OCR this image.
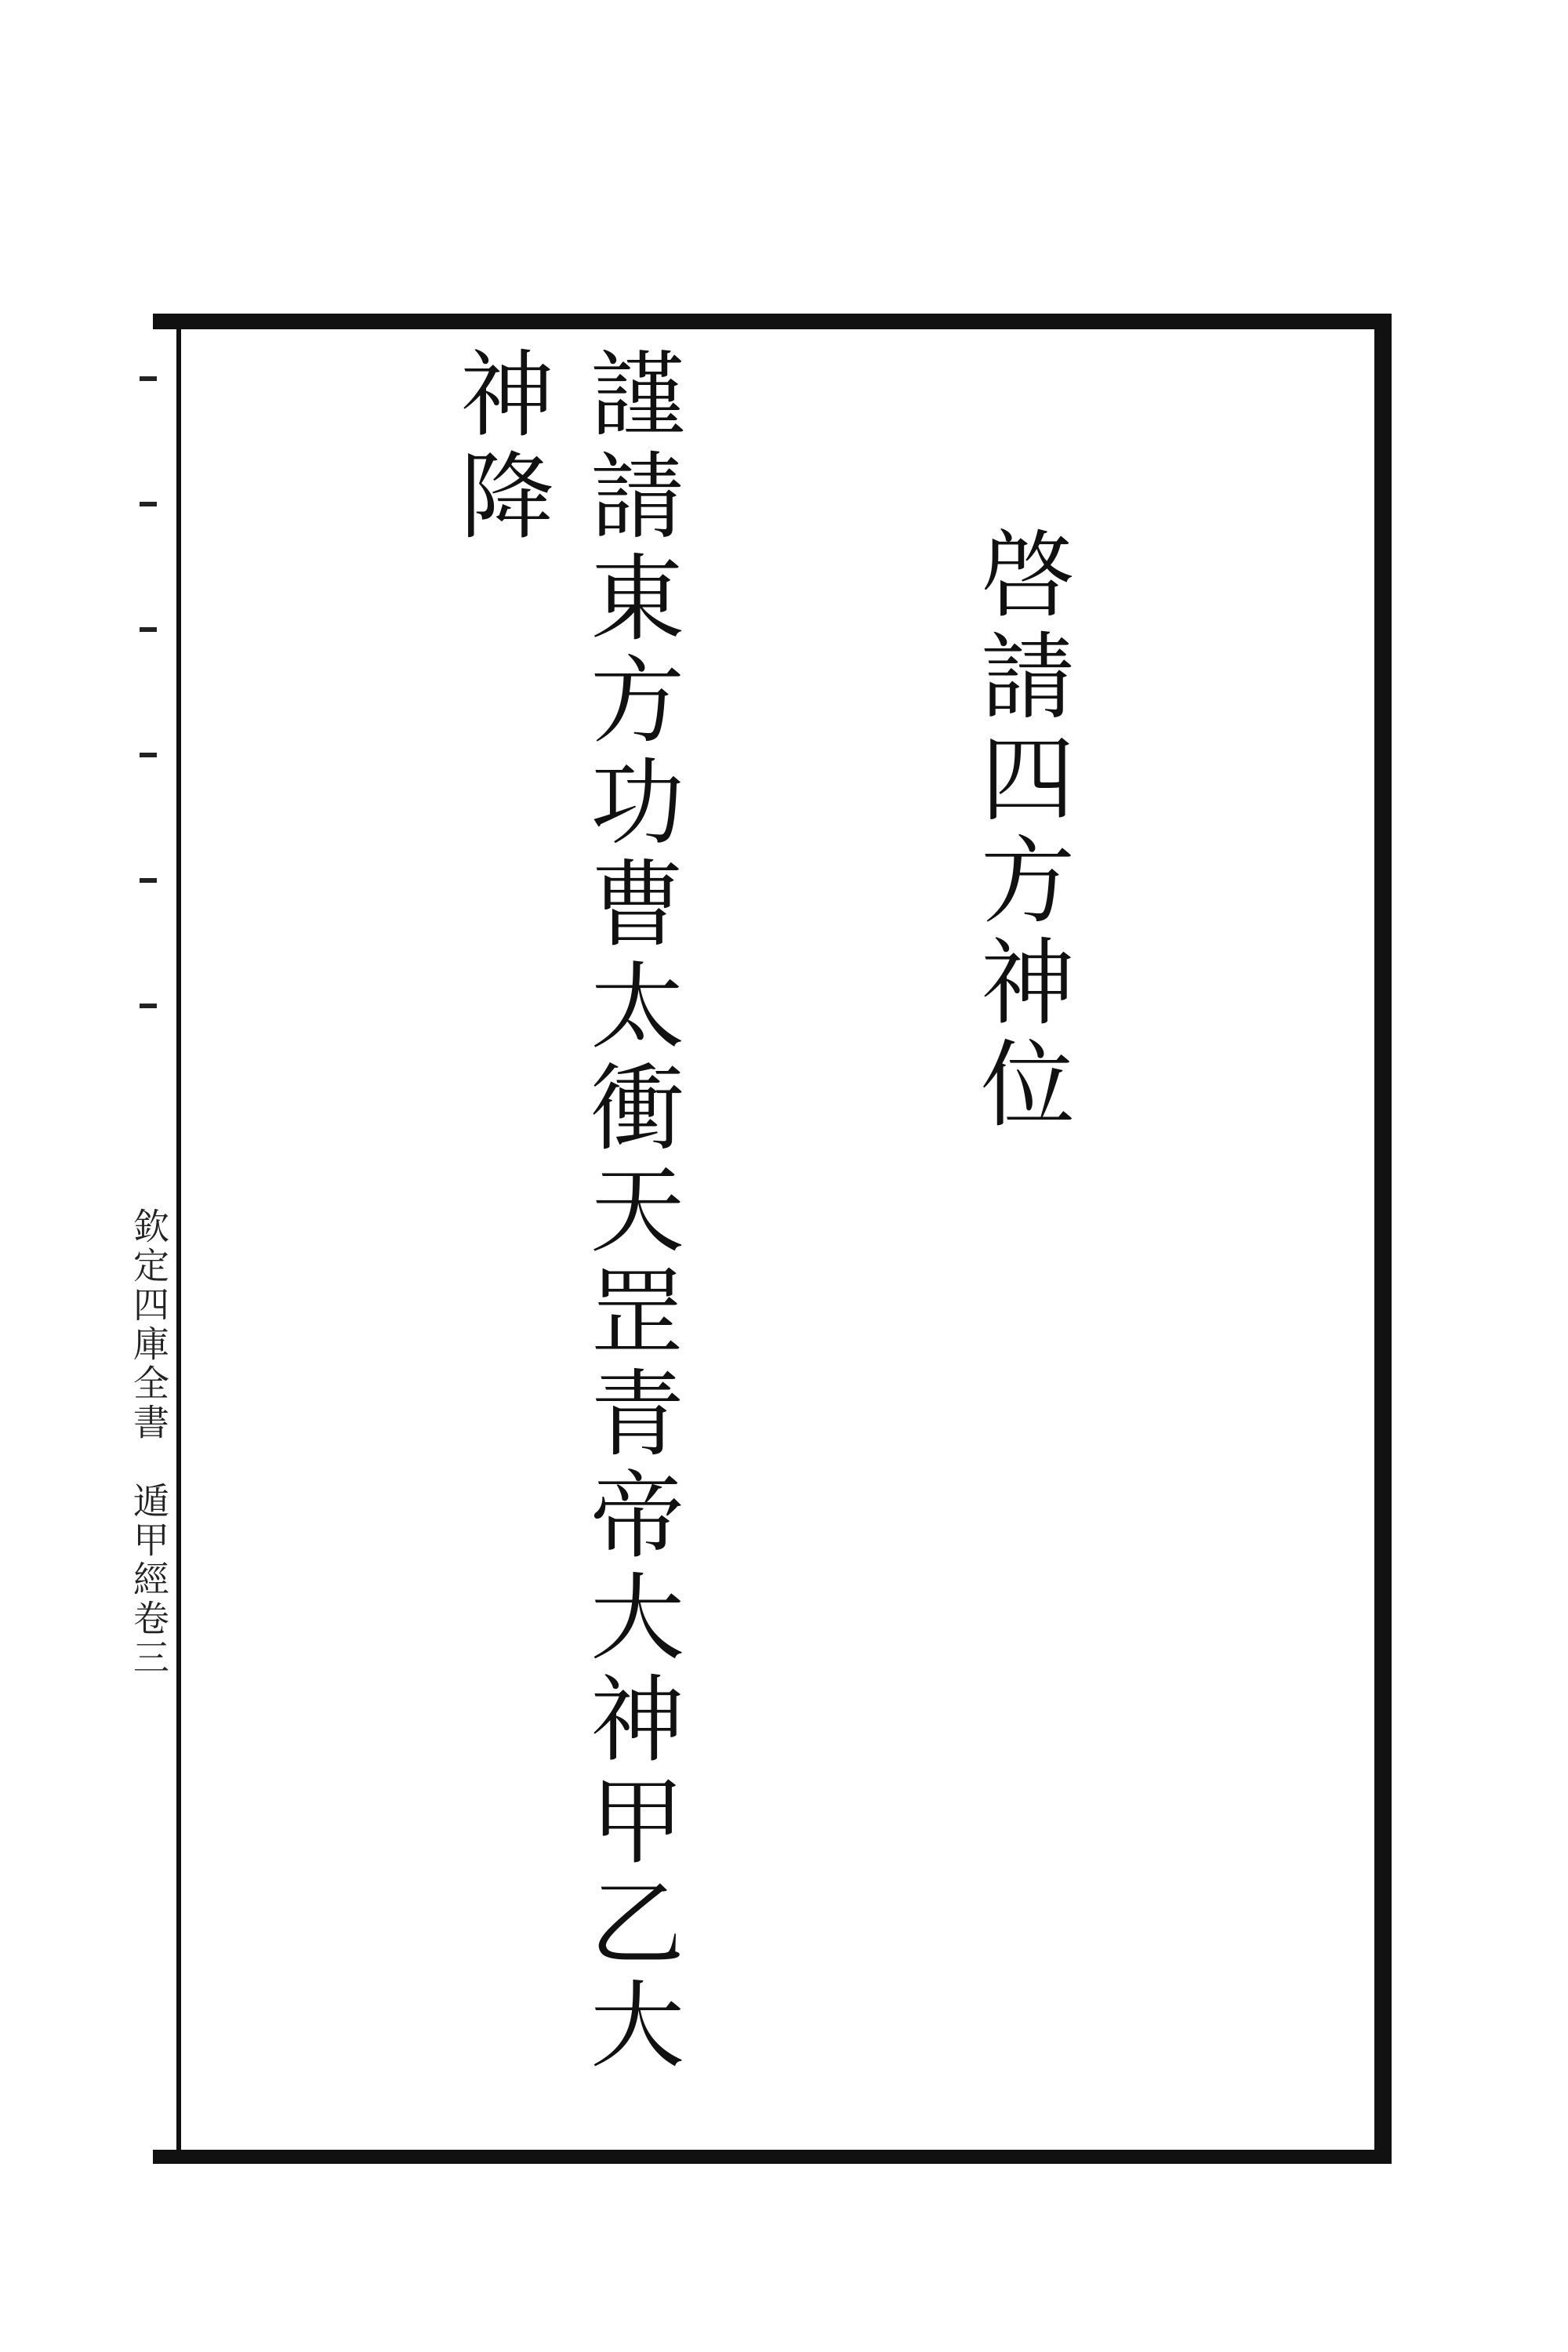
欽定四庫全書　遁甲經卷三

啓請四方神位

謹請東方功曹太衝天罡青帝大神甲乙大神降
